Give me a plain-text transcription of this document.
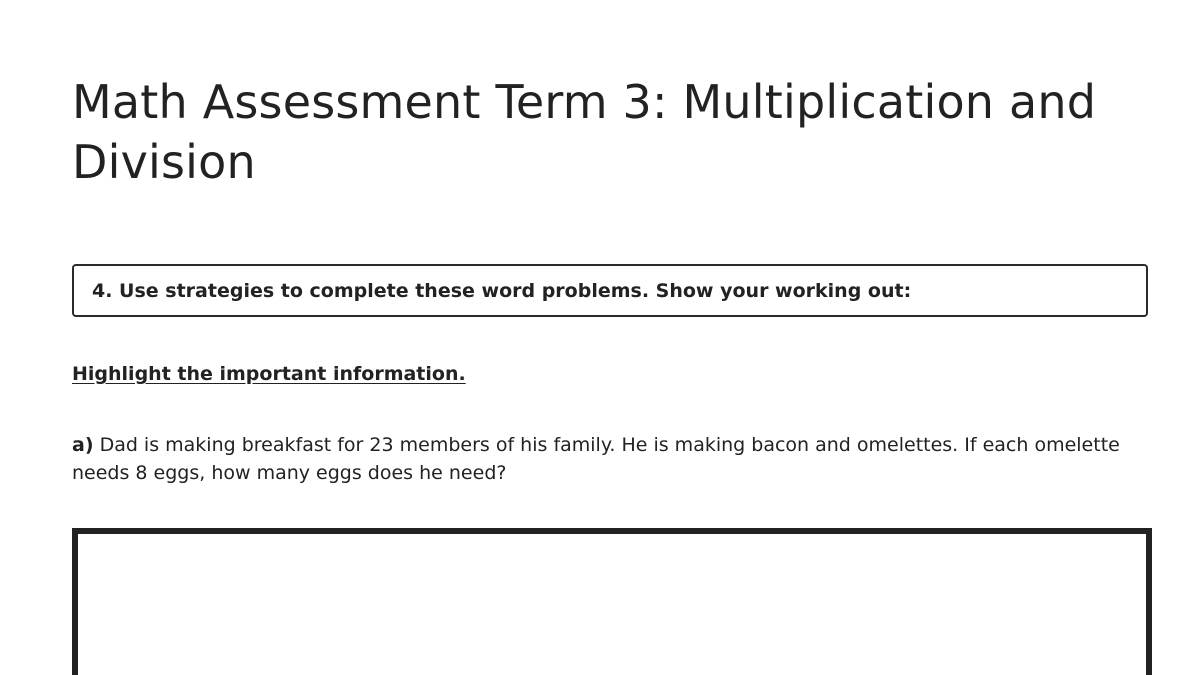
Math Assessment Term 3: Multiplication and Division
4. Use strategies to complete these word problems. Show your working out:
Highlight the important information.

a) Dad is making breakfast for 23 members of his family. He is making bacon and omelettes. If each omelette needs 8 eggs, how many eggs does he need?
